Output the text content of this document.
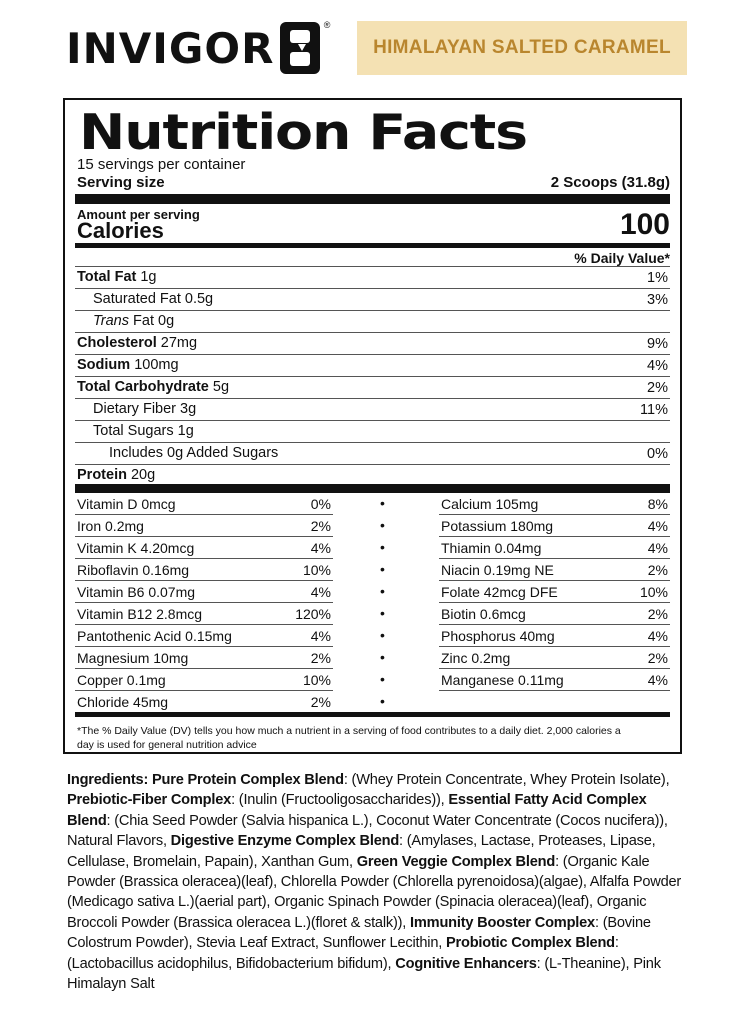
INVIGOR	®
HIMALAYAN SALTED CARAMEL
Nutrition Facts
15 servings per container
Serving size	2 Scoops (31.8g)
Amount per serving
Calories	100
% Daily Value*
Total Fat 1g	1%
Saturated Fat 0.5g	3%
Trans Fat 0g
Cholesterol 27mg	9%
Sodium 100mg	4%
Total Carbohydrate 5g	2%
Dietary Fiber 3g	11%
Total Sugars 1g
Includes 0g Added Sugars	0%
Protein 20g
Vitamin D 0mcg	0%	•	Calcium 105mg	8%
Iron 0.2mg	2%	•	Potassium 180mg	4%
Vitamin K 4.20mcg	4%	•	Thiamin 0.04mg	4%
Riboflavin 0.16mg	10%	•	Niacin 0.19mg NE	2%
Vitamin B6 0.07mg	4%	•	Folate 42mcg DFE	10%
Vitamin B12 2.8mcg	120%	•	Biotin 0.6mcg	2%
Pantothenic Acid 0.15mg	4%	•	Phosphorus 40mg	4%
Magnesium 10mg	2%	•	Zinc 0.2mg	2%
Copper 0.1mg	10%	•	Manganese 0.11mg	4%
Chloride 45mg	2%	•
*The % Daily Value (DV) tells you how much a nutrient in a serving of food contributes to a daily diet. 2,000 calories a day is used for general nutrition advice
Ingredients: Pure Protein Complex Blend: (Whey Protein Concentrate, Whey Protein Isolate), Prebiotic-Fiber Complex: (Inulin (Fructooligosaccharides)), Essential Fatty Acid Complex Blend: (Chia Seed Powder (Salvia hispanica L.), Coconut Water Concentrate (Cocos nucifera)), Natural Flavors, Digestive Enzyme Complex Blend: (Amylases, Lactase, Proteases, Lipase, Cellulase, Bromelain, Papain), Xanthan Gum, Green Veggie Complex Blend: (Organic Kale Powder (Brassica oleracea)(leaf), Chlorella Powder (Chlorella pyrenoidosa)(algae), Alfalfa Powder (Medicago sativa L.)(aerial part), Organic Spinach Powder (Spinacia oleracea)(leaf), Organic Broccoli Powder (Brassica oleracea L.)(floret & stalk)), Immunity Booster Complex: (Bovine Colostrum Powder), Stevia Leaf Extract, Sunflower Lecithin, Probiotic Complex Blend: (Lactobacillus acidophilus, Bifidobacterium bifidum), Cognitive Enhancers: (L-Theanine), Pink Himalayn Salt
